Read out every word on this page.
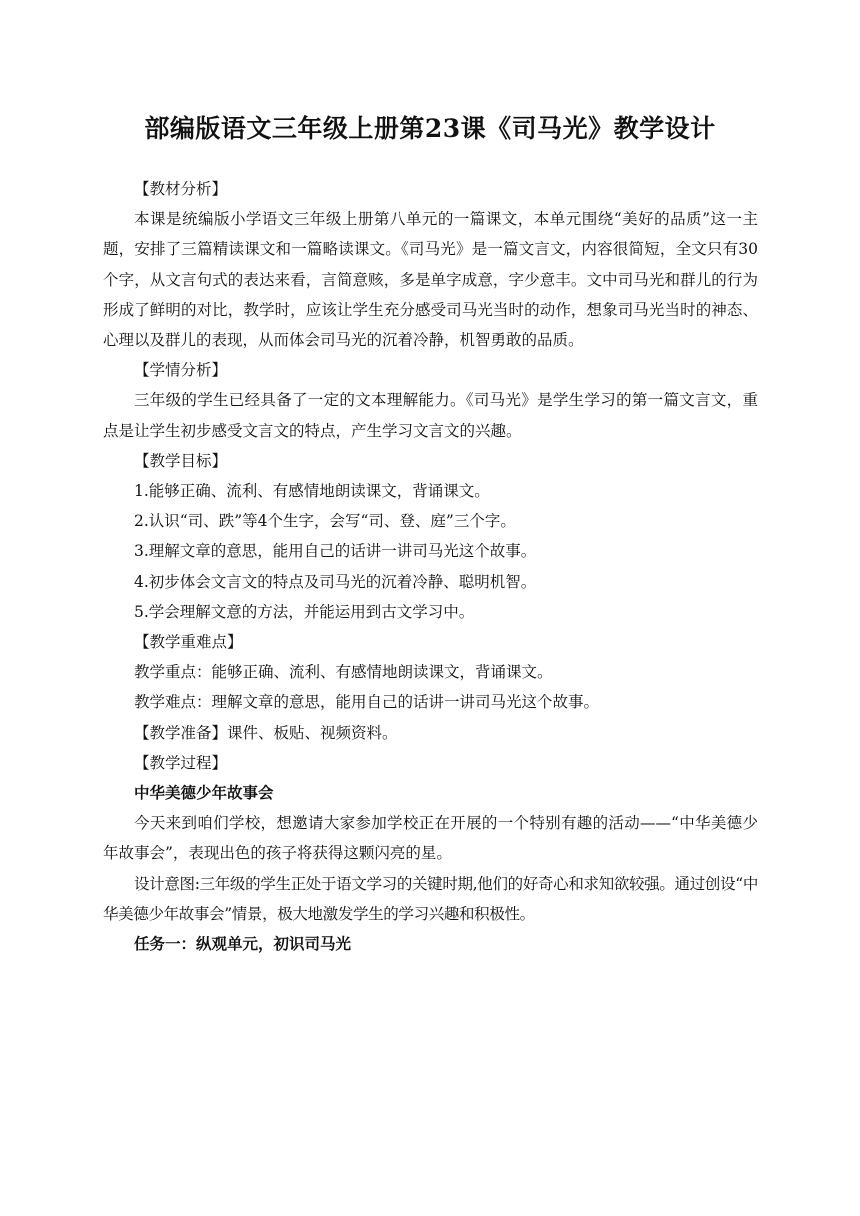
部编版语文三年级上册第23课《司马光》教学设计

【教材分析】

本课是统编版小学语文三年级上册第八单元的一篇课文，本单元围绕“美好的品质”这一主题，安排了三篇精读课文和一篇略读课文。《司马光》是一篇文言文，内容很简短，全文只有30个字，从文言句式的表达来看，言简意赅，多是单字成意，字少意丰。文中司马光和群儿的行为形成了鲜明的对比，教学时，应该让学生充分感受司马光当时的动作，想象司马光当时的神态、心理以及群儿的表现，从而体会司马光的沉着冷静，机智勇敢的品质。

【学情分析】

三年级的学生已经具备了一定的文本理解能力。《司马光》是学生学习的第一篇文言文，重点是让学生初步感受文言文的特点，产生学习文言文的兴趣。

【教学目标】

1.能够正确、流利、有感情地朗读课文，背诵课文。

2.认识“司、跌”等4个生字，会写“司、登、庭”三个字。

3.理解文章的意思，能用自己的话讲一讲司马光这个故事。

4.初步体会文言文的特点及司马光的沉着冷静、聪明机智。

5.学会理解文意的方法，并能运用到古文学习中。

【教学重难点】

教学重点：能够正确、流利、有感情地朗读课文，背诵课文。

教学难点：理解文章的意思，能用自己的话讲一讲司马光这个故事。

【教学准备】课件、板贴、视频资料。

【教学过程】

中华美德少年故事会

今天来到咱们学校，想邀请大家参加学校正在开展的一个特别有趣的活动——“中华美德少年故事会”，表现出色的孩子将获得这颗闪亮的星。

设计意图:三年级的学生正处于语文学习的关键时期,他们的好奇心和求知欲较强。通过创设“中华美德少年故事会”情景，极大地激发学生的学习兴趣和积极性。

任务一：纵观单元，初识司马光
